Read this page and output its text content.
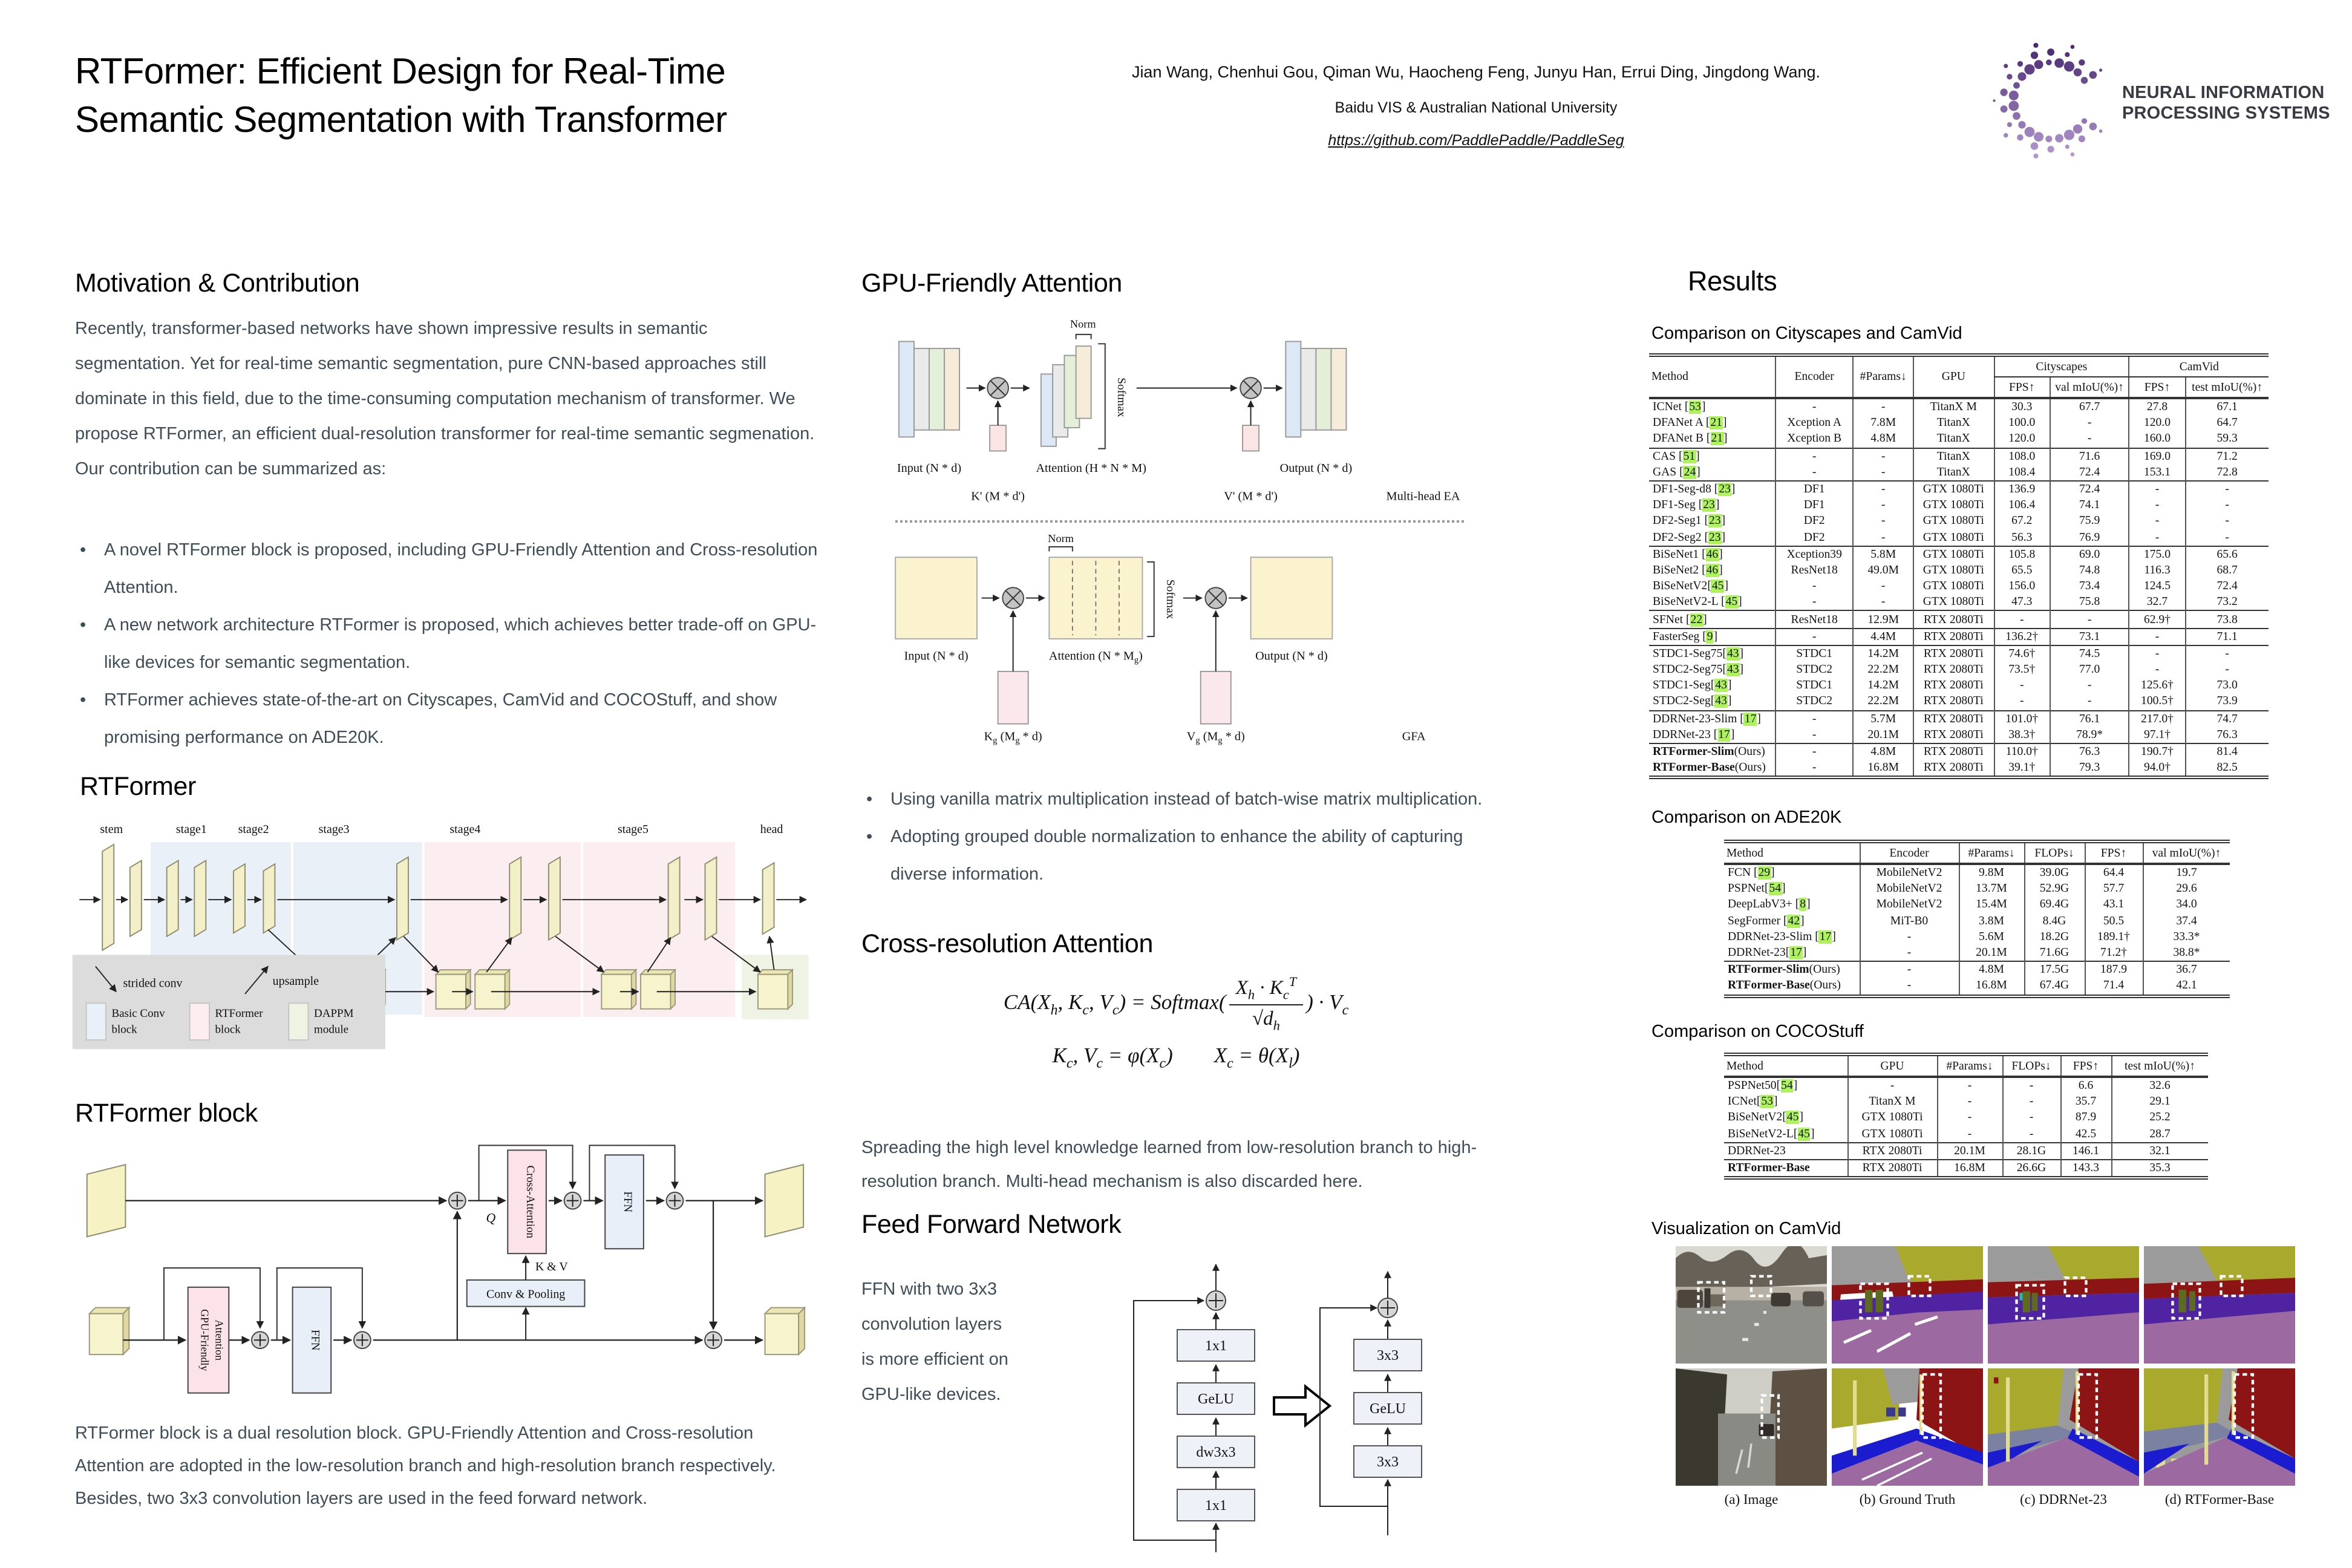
RTFormer: Efficient Design for Real-Time
Semantic Segmentation with Transformer
Jian Wang, Chenhui Gou, Qiman Wu, Haocheng Feng, Junyu Han, Errui Ding, Jingdong Wang.
Baidu VIS & Australian National University
https://github.com/PaddlePaddle/PaddleSeg
NEURAL INFORMATION
PROCESSING SYSTEMS
Motivation & Contribution
Recently, transformer-based networks have shown impressive results in semantic segmentation. Yet for real-time semantic segmentation, pure CNN-based approaches still dominate in this field, due to the time-consuming computation mechanism of transformer. We propose RTFormer, an efficient dual-resolution transformer for real-time semantic segmenation. Our contribution can be summarized as:
• A novel RTFormer block is proposed, including GPU-Friendly Attention and Cross-resolution Attention.
• A new network architecture RTFormer is proposed, which achieves better trade-off on GPU-like devices for semantic segmentation.
• RTFormer achieves state-of-the-art on Cityscapes, CamVid and COCOStuff, and show promising performance on ADE20K.
RTFormer
stem	stage1	stage2	stage3	stage4	stage5	head
strided conv	upsample
Basic Conv
block
RTFormer
block
DAPPM
module
RTFormer block
Cross-Attention	FFN
Q
Conv & Pooling
K & V
GPU-Friendly Attention	FFN
RTFormer block is a dual resolution block. GPU-Friendly Attention and Cross-resolution Attention are adopted in the low-resolution branch and high-resolution branch respectively. Besides, two 3x3 convolution layers are used in the feed forward network.
GPU-Friendly Attention
Norm
Softmax
Input (N * d)	Attention (H * N * M)	Output (N * d)
K' (M * d')	V' (M * d')	Multi-head EA
Norm
Softmax
Input (N * d)	Attention $(N * M_g)$	Output (N * d)
$K_g$ $(M_g * d)$	$V_g$ $(M_g * d)$	GFA
• Using vanilla matrix multiplication instead of batch-wise matrix multiplication.
• Adopting grouped double normalization to enhance the ability of capturing diverse information.
Cross-resolution Attention
$CA(X_h$, $K_c$, $V_c$) = Softmax( $\frac{X_h \cdot K_c^T}{√d_h}$ ) · $V_c$
$K_c$, $V_c = \varphi(X_c)$	$X_c = \theta(X_l)$
Spreading the high level knowledge learned from low-resolution branch to high-resolution branch. Multi-head mechanism is also discarded here.
Feed Forward Network
FFN with two 3x3
convolution layers
is more efficient on
GPU-like devices.
1x1
dw3x3
GeLU
1x1
3x3
GeLU
3x3
Results
Comparison on Cityscapes and CamVid
Method	Encoder	#Params↓	GPU	Cityscapes		CamVid	
				FPS↑	val mIoU(%)↑	FPS↑	test mIoU(%)↑
ICNet [53]	-	-	TitanX M	30.3	67.7	27.8	67.1
DFANet A [21]	Xception A	7.8M	TitanX	100.0	-	120.0	64.7
DFANet B [21]	Xception B	4.8M	TitanX	120.0	-	160.0	59.3
CAS [51]	-	-	TitanX	108.0	71.6	169.0	71.2
GAS [24]	-	-	TitanX	108.4	72.4	153.1	72.8
DF1-Seg-d8 [23]	DF1	-	GTX 1080Ti	136.9	72.4	-	-
DF1-Seg [23]	DF1	-	GTX 1080Ti	106.4	74.1	-	-
DF2-Seg1 [23]	DF2	-	GTX 1080Ti	67.2	75.9	-	-
DF2-Seg2 [23]	DF2	-	GTX 1080Ti	56.3	76.9	-	-
BiSeNet1 [46]	Xception39	5.8M	GTX 1080Ti	105.8	69.0	175.0	65.6
BiSeNet2 [46]	ResNet18	49.0M	GTX 1080Ti	65.5	74.8	116.3	68.7
BiSeNetV2[45]	-	-	GTX 1080Ti	156.0	73.4	124.5	72.4
BiSeNetV2-L [45]	-	-	GTX 1080Ti	47.3	75.8	32.7	73.2
SFNet [22]	ResNet18	12.9M	RTX 2080Ti	-	-	62.9†	73.8
FasterSeg [9]	-	4.4M	RTX 2080Ti	136.2†	73.1	-	71.1
STDC1-Seg75[43]	STDC1	14.2M	RTX 2080Ti	74.6†	74.5	-	-
STDC2-Seg75[43]	STDC2	22.2M	RTX 2080Ti	73.5†	77.0	-	-
STDC1-Seg[43]	STDC1	14.2M	RTX 2080Ti	-	-	125.6†	73.0
STDC2-Seg[43]	STDC2	22.2M	RTX 2080Ti	-	-	100.5†	73.9
DDRNet-23-Slim [17]	-	5.7M	RTX 2080Ti	101.0†	76.1	217.0†	74.7
DDRNet-23 [17]	-	20.1M	RTX 2080Ti	38.3†	78.9*	97.1†	76.3
RTFormer-Slim(Ours)	-	4.8M	RTX 2080Ti	110.0†	76.3	190.7†	81.4
RTFormer-Base(Ours)	-	16.8M	RTX 2080Ti	39.1†	79.3	94.0†	82.5
Comparison on ADE20K
Method	Encoder	#Params↓	FLOPs↓	FPS↑	val mIoU(%)↑
FCN [29]	MobileNetV2	9.8M	39.0G	64.4	19.7
PSPNet[54]	MobileNetV2	13.7M	52.9G	57.7	29.6
DeepLabV3+ [8]	MobileNetV2	15.4M	69.4G	43.1	34.0
SegFormer [42]	MiT-B0	3.8M	8.4G	50.5	37.4
DDRNet-23-Slim [17]	-	5.6M	18.2G	189.1†	33.3*
DDRNet-23[17]	-	20.1M	71.6G	71.2†	38.8*
RTFormer-Slim(Ours)	-	4.8M	17.5G	187.9	36.7
RTFormer-Base(Ours)	-	16.8M	67.4G	71.4	42.1
Comparison on COCOStuff
Method	GPU	#Params↓	FLOPs↓	FPS↑	test mIoU(%)↑
PSPNet50[54]	-	-	-	6.6	32.6
ICNet[53]	TitanX M	-	-	35.7	29.1
BiSeNetV2[45]	GTX 1080Ti	-	-	87.9	25.2
BiSeNetV2-L[45]	GTX 1080Ti	-	-	42.5	28.7
DDRNet-23	RTX 2080Ti	20.1M	28.1G	146.1	32.1
RTFormer-Base	RTX 2080Ti	16.8M	26.6G	143.3	35.3
Visualization on CamVid
(a) Image	(b) Ground Truth	(c) DDRNet-23	(d) RTFormer-Base
